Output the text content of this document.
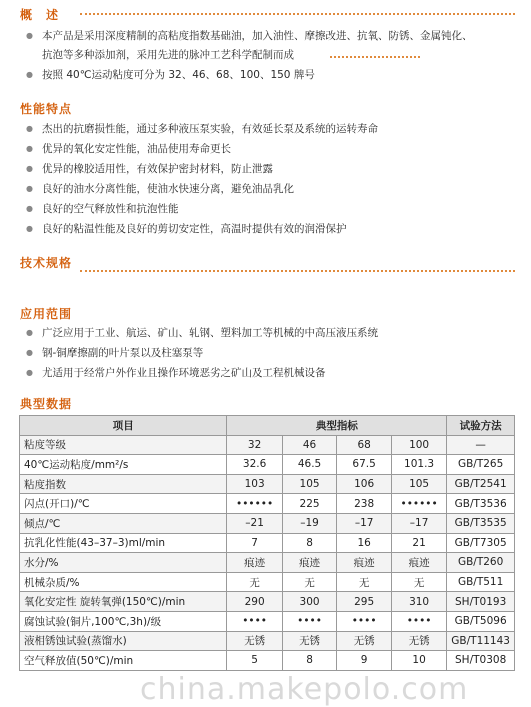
概　述
● 本产品是采用深度精制的高粘度指数基础油，加入油性、摩擦改进、抗氧、防锈、金属钝化、
抗泡等多种添加剂，采用先进的脉冲工艺科学配制而成
● 按照 40℃运动粘度可分为 32、46、68、100、150 牌号
性能特点
● 杰出的抗磨损性能，通过多种液压泵实验，有效延长泵及系统的运转寿命
● 优异的氧化安定性能，油品使用寿命更长
● 优异的橡胶适用性，有效保护密封材料，防止泄露
● 良好的油水分离性能，使油水快速分离，避免油品乳化
● 良好的空气释放性和抗泡性能
● 良好的粘温性能及良好的剪切安定性，高温时提供有效的润滑保护
技术规格
应用范围
● 广泛应用于工业、航运、矿山、轧钢、塑料加工等机械的中高压液压系统
● 钢-铜摩擦副的叶片泵以及柱塞泵等
● 尤适用于经常户外作业且操作环境恶劣之矿山及工程机械设备
典型数据
项目	典型指标				试验方法
粘度等级	32	46	68	100	—
40℃运动粘度/mm²/s	32.6	46.5	67.5	101.3	GB/T265
粘度指数	103	105	106	105	GB/T2541
闪点(开口)/℃	••••••	225	238	••••••	GB/T3536
倾点/℃	–21	–19	–17	–17	GB/T3535
抗乳化性能(43–37–3)ml/min	7	8	16	21	GB/T7305
水分/%	痕迹	痕迹	痕迹	痕迹	GB/T260
机械杂质/%	无	无	无	无	GB/T511
氧化安定性 旋转氧弹(150℃)/min	290	300	295	310	SH/T0193
腐蚀试验(铜片,100℃,3h)/级	••••	••••	••••	••••	GB/T5096
液相锈蚀试验(蒸馏水)	无锈	无锈	无锈	无锈	GB/T11143
空气释放值(50℃)/min	5	8	9	10	SH/T0308
china.makepolo.com
